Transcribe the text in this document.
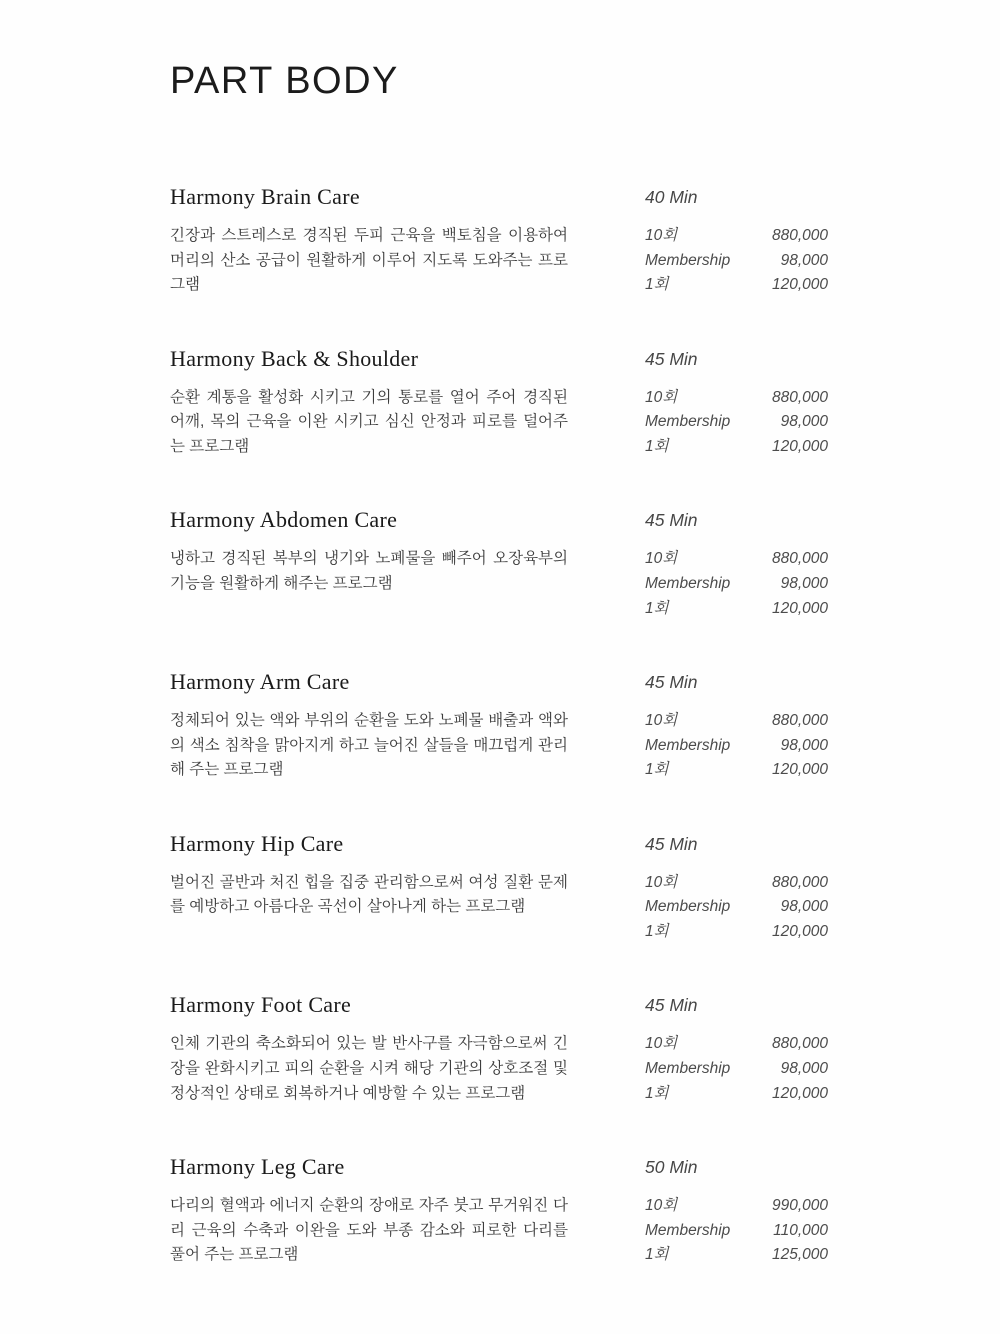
PART BODY
Harmony Brain Care

긴장과 스트레스로 경직된 두피 근육을 백토침을 이용하여 머리의 산소 공급이 원활하게 이루어 지도록 도와주는 프로그램

40 Min
10회	880,000
Membership	98,000
1회	120,000
Harmony Back & Shoulder

순환 계통을 활성화 시키고 기의 통로를 열어 주어 경직된 어깨, 목의 근육을 이완 시키고 심신 안정과 피로를 덜어주는 프로그램

45 Min
10회	880,000
Membership	98,000
1회	120,000
Harmony Abdomen Care

냉하고 경직된 복부의 냉기와 노폐물을 빼주어 오장육부의 기능을 원활하게 해주는 프로그램

45 Min
10회	880,000
Membership	98,000
1회	120,000
Harmony Arm Care

정체되어 있는 액와 부위의 순환을 도와 노폐물 배출과 액와의 색소 침착을 맑아지게 하고 늘어진 살들을 매끄럽게 관리해 주는 프로그램

45 Min
10회	880,000
Membership	98,000
1회	120,000
Harmony Hip Care

벌어진 골반과 처진 힙을 집중 관리함으로써 여성 질환 문제를 예방하고 아름다운 곡선이 살아나게 하는 프로그램

45 Min
10회	880,000
Membership	98,000
1회	120,000
Harmony Foot Care

인체 기관의 축소화되어 있는 발 반사구를 자극함으로써 긴장을 완화시키고 피의 순환을 시켜 해당 기관의 상호조절 및 정상적인 상태로 회복하거나 예방할 수 있는 프로그램

45 Min
10회	880,000
Membership	98,000
1회	120,000
Harmony Leg Care

다리의 혈액과 에너지 순환의 장애로 자주 붓고 무거워진 다리 근육의 수축과 이완을 도와 부종 감소와 피로한 다리를 풀어 주는 프로그램

50 Min
10회	990,000
Membership	110,000
1회	125,000
